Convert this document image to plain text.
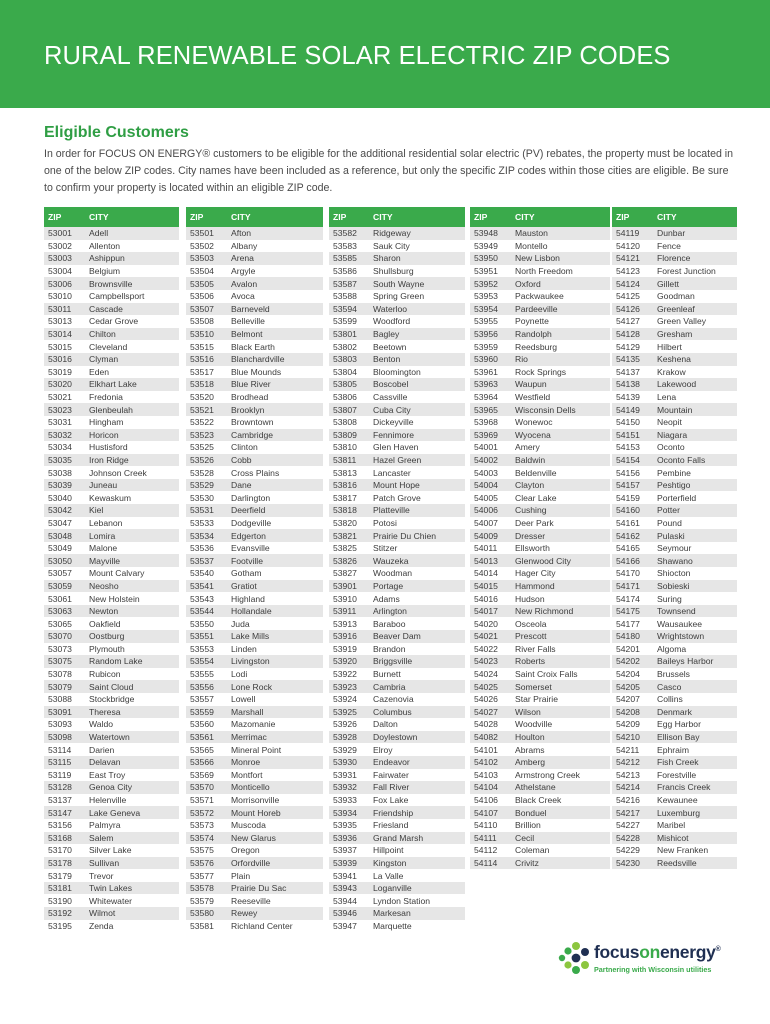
RURAL RENEWABLE SOLAR ELECTRIC ZIP CODES
Eligible Customers
In order for FOCUS ON ENERGY® customers to be eligible for the additional residential solar electric (PV) rebates, the property must be located in one of the below ZIP codes. City names have been included as a reference, but only the specific ZIP codes within those cities are eligible. Be sure to confirm your property is located within an eligible ZIP code.
ZIP	CITY
53001	Adell
53002	Allenton
53003	Ashippun
53004	Belgium
53006	Brownsville
53010	Campbellsport
53011	Cascade
53013	Cedar Grove
53014	Chilton
53015	Cleveland
53016	Clyman
53019	Eden
53020	Elkhart Lake
53021	Fredonia
53023	Glenbeulah
53031	Hingham
53032	Horicon
53034	Hustisford
53035	Iron Ridge
53038	Johnson Creek
53039	Juneau
53040	Kewaskum
53042	Kiel
53047	Lebanon
53048	Lomira
53049	Malone
53050	Mayville
53057	Mount Calvary
53059	Neosho
53061	New Holstein
53063	Newton
53065	Oakfield
53070	Oostburg
53073	Plymouth
53075	Random Lake
53078	Rubicon
53079	Saint Cloud
53088	Stockbridge
53091	Theresa
53093	Waldo
53098	Watertown
53114	Darien
53115	Delavan
53119	East Troy
53128	Genoa City
53137	Helenville
53147	Lake Geneva
53156	Palmyra
53168	Salem
53170	Silver Lake
53178	Sullivan
53179	Trevor
53181	Twin Lakes
53190	Whitewater
53192	Wilmot
53195	Zenda
ZIP	CITY
53501	Afton
53502	Albany
53503	Arena
53504	Argyle
53505	Avalon
53506	Avoca
53507	Barneveld
53508	Belleville
53510	Belmont
53515	Black Earth
53516	Blanchardville
53517	Blue Mounds
53518	Blue River
53520	Brodhead
53521	Brooklyn
53522	Browntown
53523	Cambridge
53525	Clinton
53526	Cobb
53528	Cross Plains
53529	Dane
53530	Darlington
53531	Deerfield
53533	Dodgeville
53534	Edgerton
53536	Evansville
53537	Footville
53540	Gotham
53541	Gratiot
53543	Highland
53544	Hollandale
53550	Juda
53551	Lake Mills
53553	Linden
53554	Livingston
53555	Lodi
53556	Lone Rock
53557	Lowell
53559	Marshall
53560	Mazomanie
53561	Merrimac
53565	Mineral Point
53566	Monroe
53569	Montfort
53570	Monticello
53571	Morrisonville
53572	Mount Horeb
53573	Muscoda
53574	New Glarus
53575	Oregon
53576	Orfordville
53577	Plain
53578	Prairie Du Sac
53579	Reeseville
53580	Rewey
53581	Richland Center
ZIP	CITY
53582	Ridgeway
53583	Sauk City
53585	Sharon
53586	Shullsburg
53587	South Wayne
53588	Spring Green
53594	Waterloo
53599	Woodford
53801	Bagley
53802	Beetown
53803	Benton
53804	Bloomington
53805	Boscobel
53806	Cassville
53807	Cuba City
53808	Dickeyville
53809	Fennimore
53810	Glen Haven
53811	Hazel Green
53813	Lancaster
53816	Mount Hope
53817	Patch Grove
53818	Platteville
53820	Potosi
53821	Prairie Du Chien
53825	Stitzer
53826	Wauzeka
53827	Woodman
53901	Portage
53910	Adams
53911	Arlington
53913	Baraboo
53916	Beaver Dam
53919	Brandon
53920	Briggsville
53922	Burnett
53923	Cambria
53924	Cazenovia
53925	Columbus
53926	Dalton
53928	Doylestown
53929	Elroy
53930	Endeavor
53931	Fairwater
53932	Fall River
53933	Fox Lake
53934	Friendship
53935	Friesland
53936	Grand Marsh
53937	Hillpoint
53939	Kingston
53941	La Valle
53943	Loganville
53944	Lyndon Station
53946	Markesan
53947	Marquette
ZIP	CITY
53948	Mauston
53949	Montello
53950	New Lisbon
53951	North Freedom
53952	Oxford
53953	Packwaukee
53954	Pardeeville
53955	Poynette
53956	Randolph
53959	Reedsburg
53960	Rio
53961	Rock Springs
53963	Waupun
53964	Westfield
53965	Wisconsin Dells
53968	Wonewoc
53969	Wyocena
54001	Amery
54002	Baldwin
54003	Beldenville
54004	Clayton
54005	Clear Lake
54006	Cushing
54007	Deer Park
54009	Dresser
54011	Ellsworth
54013	Glenwood City
54014	Hager City
54015	Hammond
54016	Hudson
54017	New Richmond
54020	Osceola
54021	Prescott
54022	River Falls
54023	Roberts
54024	Saint Croix Falls
54025	Somerset
54026	Star Prairie
54027	Wilson
54028	Woodville
54082	Houlton
54101	Abrams
54102	Amberg
54103	Armstrong Creek
54104	Athelstane
54106	Black Creek
54107	Bonduel
54110	Brillion
54111	Cecil
54112	Coleman
54114	Crivitz
ZIP	CITY
54119	Dunbar
54120	Fence
54121	Florence
54123	Forest Junction
54124	Gillett
54125	Goodman
54126	Greenleaf
54127	Green Valley
54128	Gresham
54129	Hilbert
54135	Keshena
54137	Krakow
54138	Lakewood
54139	Lena
54149	Mountain
54150	Neopit
54151	Niagara
54153	Oconto
54154	Oconto Falls
54156	Pembine
54157	Peshtigo
54159	Porterfield
54160	Potter
54161	Pound
54162	Pulaski
54165	Seymour
54166	Shawano
54170	Shiocton
54171	Sobieski
54174	Suring
54175	Townsend
54177	Wausaukee
54180	Wrightstown
54201	Algoma
54202	Baileys Harbor
54204	Brussels
54205	Casco
54207	Collins
54208	Denmark
54209	Egg Harbor
54210	Ellison Bay
54211	Ephraim
54212	Fish Creek
54213	Forestville
54214	Francis Creek
54216	Kewaunee
54217	Luxemburg
54227	Maribel
54228	Mishicot
54229	New Franken
54230	Reedsville
focusonenergy®
Partnering with Wisconsin utilities
